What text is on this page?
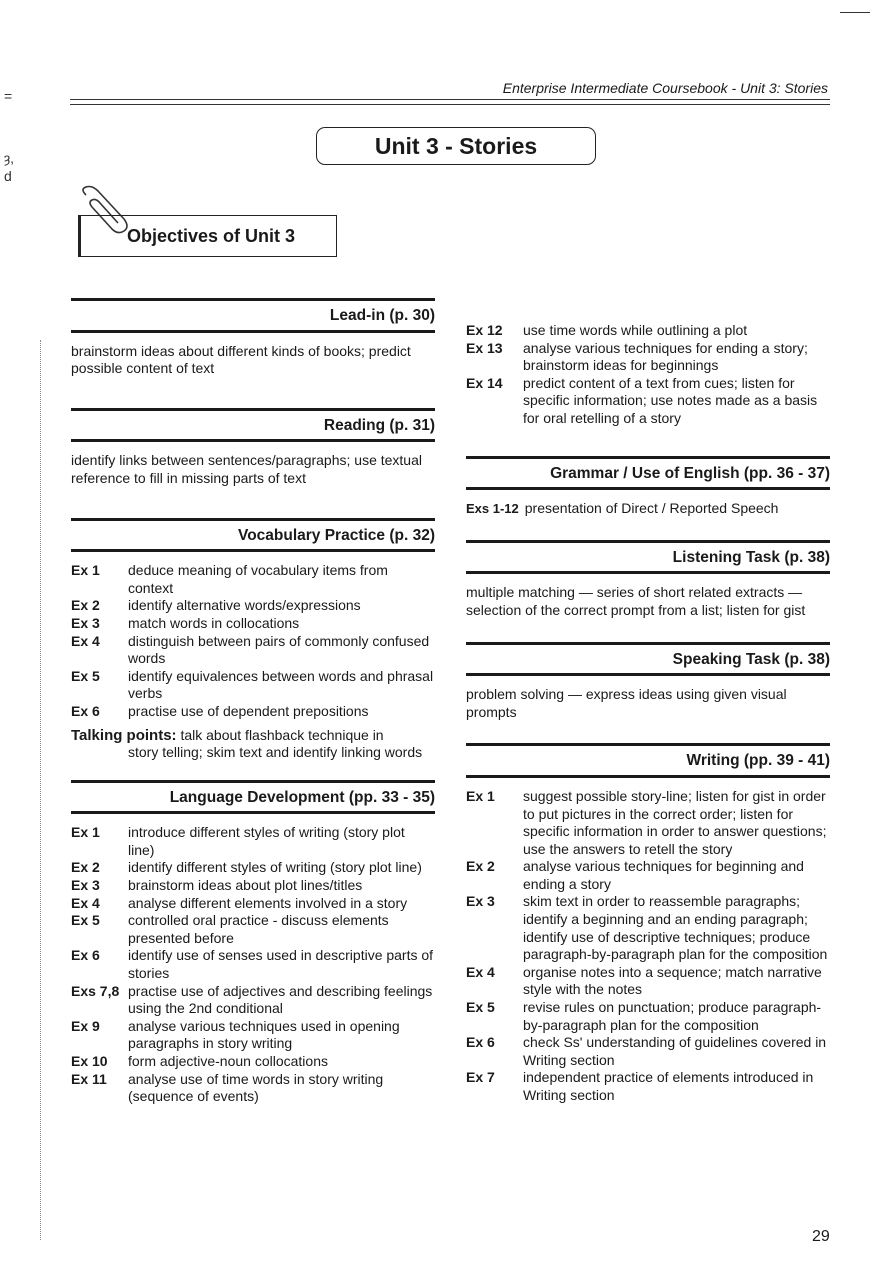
=
ȝ,
d
Enterprise Intermediate Coursebook - Unit 3: Stories
Unit 3 - Stories
Objectives of Unit 3
Lead-in (p. 30)
brainstorm ideas about different kinds of books; predict possible content of text
Reading (p. 31)
identify links between sentences/paragraphs; use textual reference to fill in missing parts of text
Vocabulary Practice (p. 32)
Ex 1	deduce meaning of vocabulary items from context
Ex 2	identify alternative words/expressions
Ex 3	match words in collocations
Ex 4	distinguish between pairs of commonly confused words
Ex 5	identify equivalences between words and phrasal verbs
Ex 6	practise use of dependent prepositions
Talking points: talk about flashback technique in
story telling; skim text and identify linking words
Language Development (pp. 33 - 35)
Ex 1	introduce different styles of writing (story plot line)
Ex 2	identify different styles of writing (story plot line)
Ex 3	brainstorm ideas about plot lines/titles
Ex 4	analyse different elements involved in a story
Ex 5	controlled oral practice - discuss elements presented before
Ex 6	identify use of senses used in descriptive parts of stories
Exs 7,8 practise use of adjectives and describing feelings using the 2nd conditional
Ex 9	analyse various techniques used in opening paragraphs in story writing
Ex 10	form adjective-noun collocations
Ex 11	analyse use of time words in story writing (sequence of events)
Ex 12	use time words while outlining a plot
Ex 13	analyse various techniques for ending a story; brainstorm ideas for beginnings
Ex 14	predict content of a text from cues; listen for specific information; use notes made as a basis for oral retelling of a story
Grammar / Use of English (pp. 36 - 37)
Exs 1-12 presentation of Direct / Reported Speech
Listening Task (p. 38)
multiple matching — series of short related extracts — selection of the correct prompt from a list; listen for gist
Speaking Task (p. 38)
problem solving — express ideas using given visual prompts
Writing (pp. 39 - 41)
Ex 1	suggest possible story-line; listen for gist in order to put pictures in the correct order; listen for specific information in order to answer questions; use the answers to retell the story
Ex 2	analyse various techniques for beginning and ending a story
Ex 3	skim text in order to reassemble paragraphs; identify a beginning and an ending paragraph; identify use of descriptive techniques; produce paragraph-by-paragraph plan for the composition
Ex 4	organise notes into a sequence; match narrative style with the notes
Ex 5	revise rules on punctuation; produce paragraph-by-paragraph plan for the composition
Ex 6	check Ss' understanding of guidelines covered in Writing section
Ex 7	independent practice of elements introduced in Writing section
29
